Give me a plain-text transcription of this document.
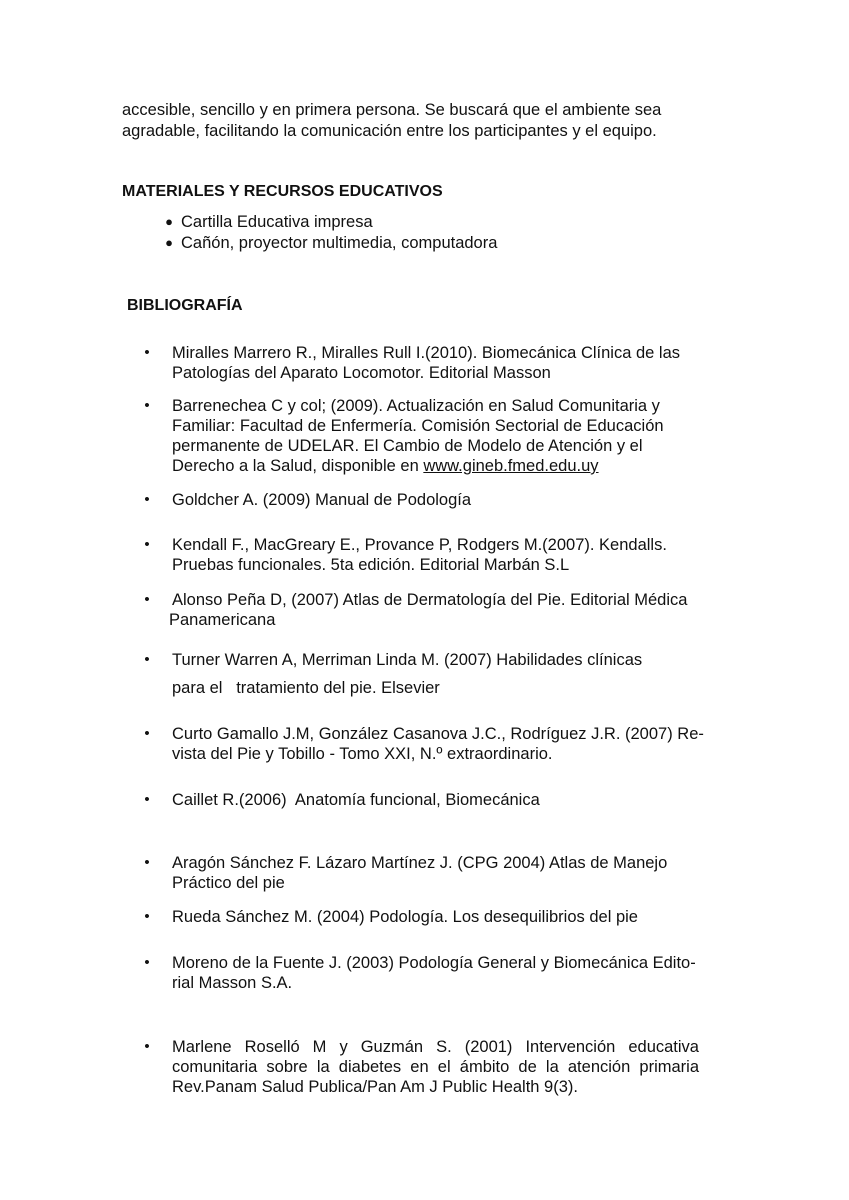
accesible, sencillo y en primera persona. Se buscará que el ambiente sea
agradable, facilitando la comunicación entre los participantes y el equipo.
MATERIALES Y RECURSOS EDUCATIVOS
● Cartilla Educativa impresa
● Cañón, proyector multimedia, computadora
BIBLIOGRAFÍA
•	Miralles Marrero R., Miralles Rull I.(2010). Biomecánica Clínica de las
Patologías del Aparato Locomotor. Editorial Masson
•	Barrenechea C y col; (2009). Actualización en Salud Comunitaria y
Familiar: Facultad de Enfermería. Comisión Sectorial de Educación
permanente de UDELAR. El Cambio de Modelo de Atención y el
Derecho a la Salud, disponible en www.gineb.fmed.edu.uy
•	Goldcher A. (2009) Manual de Podología
•	Kendall F., MacGreary E., Provance P, Rodgers M.(2007). Kendalls.
Pruebas funcionales. 5ta edición. Editorial Marbán S.L
•	Alonso Peña D, (2007) Atlas de Dermatología del Pie. Editorial Médica
Panamericana
•	Turner Warren A, Merriman Linda M. (2007) Habilidades clínicas
para el   tratamiento del pie. Elsevier
•	Curto Gamallo J.M, González Casanova J.C., Rodríguez J.R. (2007) Re-
vista del Pie y Tobillo - Tomo XXI, N.º extraordinario.
•	Caillet R.(2006)  Anatomía funcional, Biomecánica
•	Aragón Sánchez F. Lázaro Martínez J. (CPG 2004) Atlas de Manejo
Práctico del pie
•	Rueda Sánchez M. (2004) Podología. Los desequilibrios del pie
•	Moreno de la Fuente J. (2003) Podología General y Biomecánica Edito-
rial Masson S.A.
•	Marlene Roselló M y Guzmán S. (2001) Intervención educativa
comunitaria sobre la diabetes en el ámbito de la atención primaria
Rev.Panam Salud Publica/Pan Am J Public Health 9(3).
